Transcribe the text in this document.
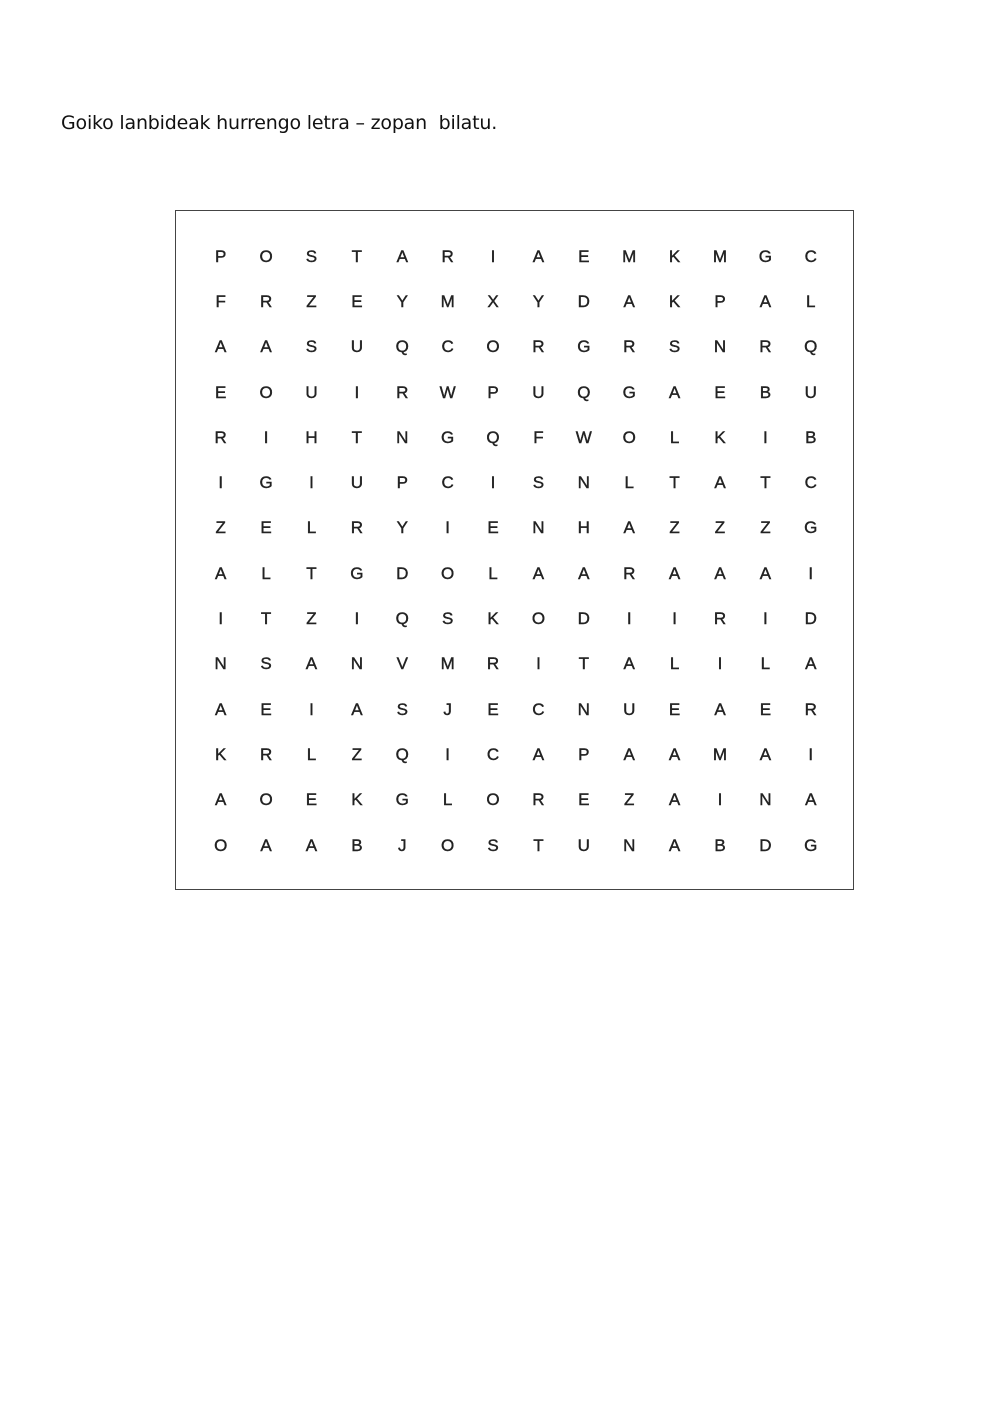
Goiko lanbideak hurrengo letra – zopan  bilatu.
P	O	S	T	A	R	I	A	E	M	K	M	G	C
F	R	Z	E	Y	M	X	Y	D	A	K	P	A	L
A	A	S	U	Q	C	O	R	G	R	S	N	R	Q
E	O	U	I	R	W	P	U	Q	G	A	E	B	U
R	I	H	T	N	G	Q	F	W	O	L	K	I	B
I	G	I	U	P	C	I	S	N	L	T	A	T	C
Z	E	L	R	Y	I	E	N	H	A	Z	Z	Z	G
A	L	T	G	D	O	L	A	A	R	A	A	A	I
I	T	Z	I	Q	S	K	O	D	I	I	R	I	D
N	S	A	N	V	M	R	I	T	A	L	I	L	A
A	E	I	A	S	J	E	C	N	U	E	A	E	R
K	R	L	Z	Q	I	C	A	P	A	A	M	A	I
A	O	E	K	G	L	O	R	E	Z	A	I	N	A
O	A	A	B	J	O	S	T	U	N	A	B	D	G
